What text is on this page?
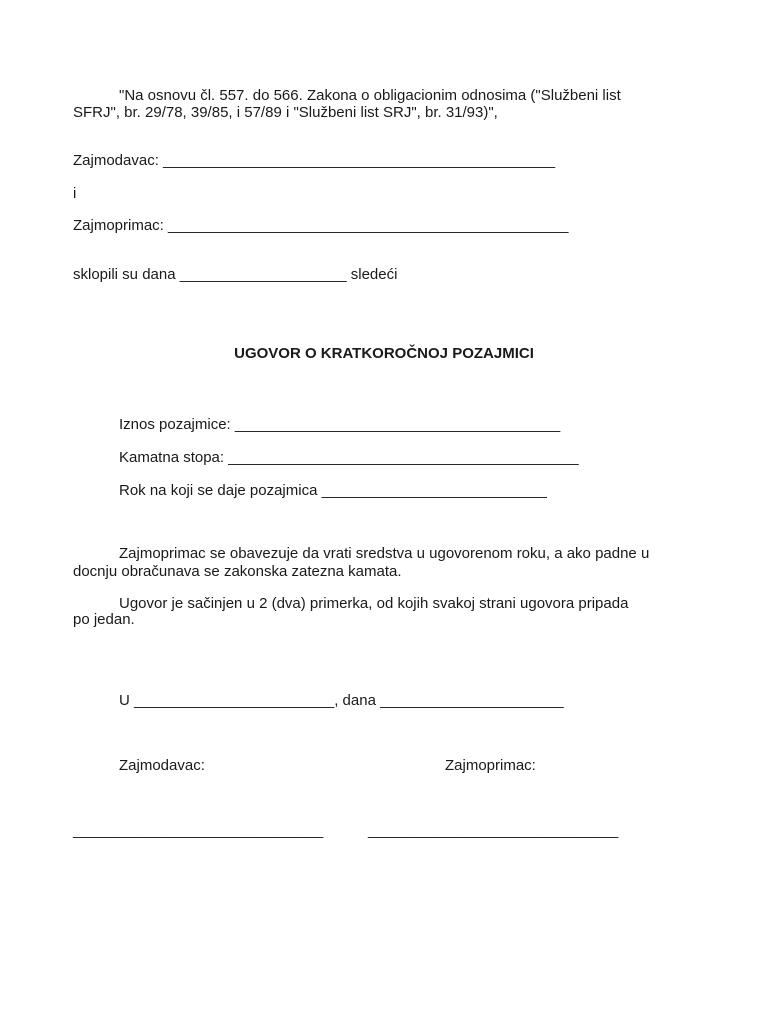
"Na osnovu čl. 557. do 566. Zakona o obligacionim odnosima ("Službeni list
SFRJ", br. 29/78, 39/85, i 57/89 i "Službeni list SRJ", br. 31/93)",
Zajmodavac: _______________________________________________
i
Zajmoprimac: ________________________________________________
sklopili su dana ____________________ sledeći
UGOVOR O KRATKOROČNOJ POZAJMICI
Iznos pozajmice: _______________________________________
Kamatna stopa: __________________________________________
Rok na koji se daje pozajmica ___________________________
Zajmoprimac se obavezuje da vrati sredstva u ugovorenom roku, a ako padne u
docnju obračunava se zakonska zatezna kamata.
Ugovor je sačinjen u 2 (dva) primerka, od kojih svakoj strani ugovora pripada
po jedan.
U ________________________, dana ______________________
Zajmodavac:	Zajmoprimac:
______________________________	______________________________
